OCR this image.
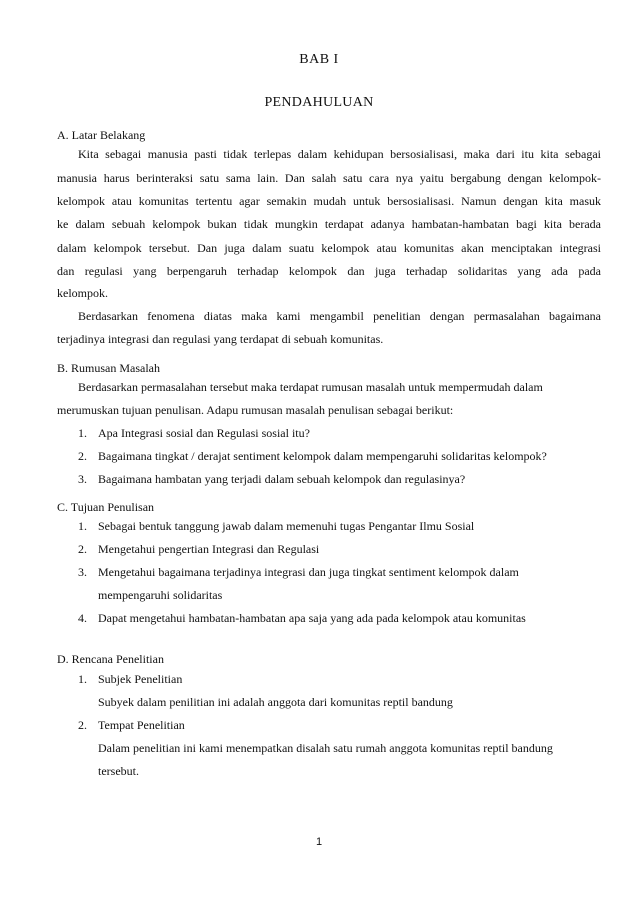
BAB I
PENDAHULUAN
A. Latar Belakang
Kita sebagai manusia pasti tidak terlepas dalam kehidupan bersosialisasi, maka dari itu kita sebagai
manusia harus berinteraksi satu sama lain. Dan salah satu cara nya yaitu bergabung dengan kelompok-
kelompok atau komunitas tertentu agar semakin mudah untuk bersosialisasi. Namun dengan kita masuk
ke dalam sebuah kelompok bukan tidak mungkin terdapat adanya hambatan-hambatan bagi kita berada
dalam kelompok tersebut. Dan juga dalam suatu kelompok atau komunitas akan menciptakan integrasi
dan regulasi yang berpengaruh terhadap kelompok dan juga terhadap solidaritas yang ada pada
kelompok.
Berdasarkan fenomena diatas maka kami mengambil penelitian dengan permasalahan bagaimana
terjadinya integrasi dan regulasi yang terdapat di sebuah komunitas.
B. Rumusan Masalah
Berdasarkan permasalahan tersebut maka terdapat rumusan masalah untuk mempermudah dalam
merumuskan tujuan penulisan. Adapu rumusan masalah penulisan sebagai berikut:
1. Apa Integrasi sosial dan Regulasi sosial itu?
2. Bagaimana tingkat / derajat sentiment kelompok dalam mempengaruhi solidaritas kelompok?
3. Bagaimana hambatan yang terjadi dalam sebuah kelompok dan regulasinya?
C. Tujuan Penulisan
1. Sebagai bentuk tanggung jawab dalam memenuhi tugas Pengantar Ilmu Sosial
2. Mengetahui pengertian Integrasi dan Regulasi
3. Mengetahui bagaimana terjadinya integrasi dan juga tingkat sentiment kelompok dalam
mempengaruhi solidaritas
4. Dapat mengetahui hambatan-hambatan apa saja yang ada pada kelompok atau komunitas
D. Rencana Penelitian
1. Subjek Penelitian
Subyek dalam penilitian ini adalah anggota dari komunitas reptil bandung
2. Tempat Penelitian
Dalam penelitian ini kami menempatkan disalah satu rumah anggota komunitas reptil bandung
tersebut.
1
